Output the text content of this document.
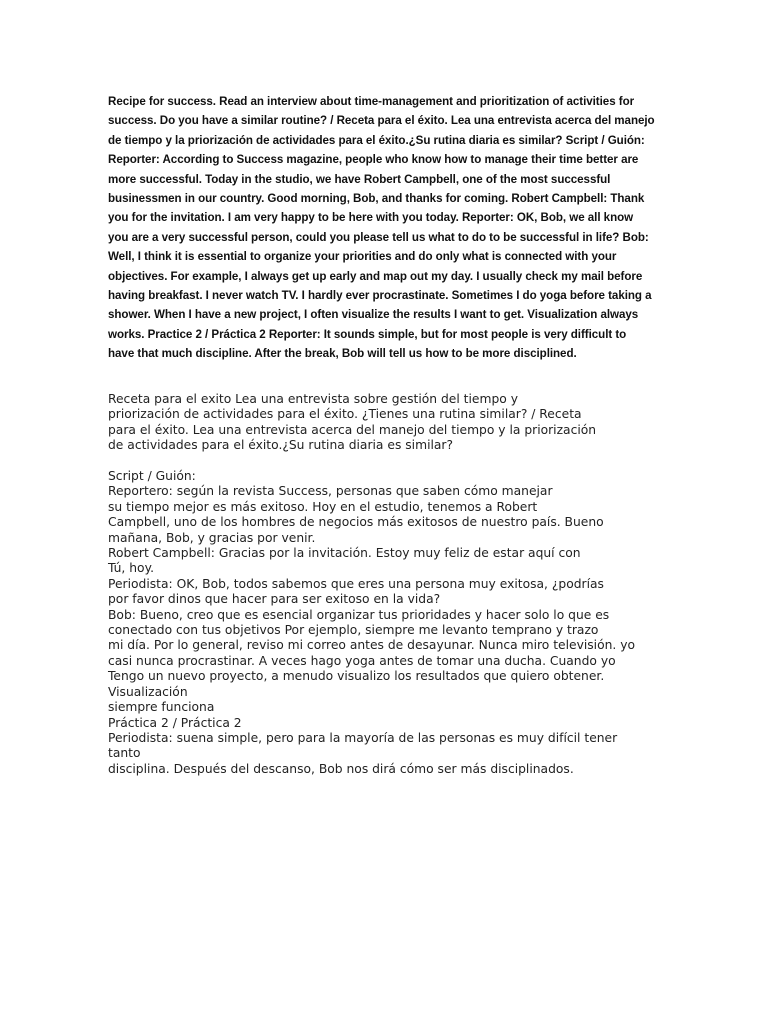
Recipe for success. Read an interview about time-management and prioritization of activities for
success. Do you have a similar routine? / Receta para el éxito. Lea una entrevista acerca del manejo
de tiempo y la priorización de actividades para el éxito.¿Su rutina diaria es similar? Script / Guión:
Reporter: According to Success magazine, people who know how to manage their time better are
more successful. Today in the studio, we have Robert Campbell, one of the most successful
businessmen in our country. Good morning, Bob, and thanks for coming. Robert Campbell: Thank
you for the invitation. I am very happy to be here with you today. Reporter: OK, Bob, we all know
you are a very successful person, could you please tell us what to do to be successful in life? Bob:
Well, I think it is essential to organize your priorities and do only what is connected with your
objectives. For example, I always get up early and map out my day. I usually check my mail before
having breakfast. I never watch TV. I hardly ever procrastinate. Sometimes I do yoga before taking a
shower. When I have a new project, I often visualize the results I want to get. Visualization always
works. Practice 2 / Práctica 2 Reporter: It sounds simple, but for most people is very difficult to
have that much discipline. After the break, Bob will tell us how to be more disciplined.
Receta para el exito Lea una entrevista sobre gestión del tiempo y
priorización de actividades para el éxito. ¿Tienes una rutina similar? / Receta
para el éxito. Lea una entrevista acerca del manejo del tiempo y la priorización
de actividades para el éxito.¿Su rutina diaria es similar?
Script / Guión:
Reportero: según la revista Success, personas que saben cómo manejar
su tiempo mejor es más exitoso. Hoy en el estudio, tenemos a Robert
Campbell, uno de los hombres de negocios más exitosos de nuestro país. Bueno
mañana, Bob, y gracias por venir.
Robert Campbell: Gracias por la invitación. Estoy muy feliz de estar aquí con
Tú, hoy.
Periodista: OK, Bob, todos sabemos que eres una persona muy exitosa, ¿podrías
por favor dinos que hacer para ser exitoso en la vida?
Bob: Bueno, creo que es esencial organizar tus prioridades y hacer solo lo que es
conectado con tus objetivos Por ejemplo, siempre me levanto temprano y trazo
mi día. Por lo general, reviso mi correo antes de desayunar. Nunca miro televisión. yo
casi nunca procrastinar. A veces hago yoga antes de tomar una ducha. Cuando yo
Tengo un nuevo proyecto, a menudo visualizo los resultados que quiero obtener.
Visualización
siempre funciona
Práctica 2 / Práctica 2
Periodista: suena simple, pero para la mayoría de las personas es muy difícil tener
tanto
disciplina. Después del descanso, Bob nos dirá cómo ser más disciplinados.
